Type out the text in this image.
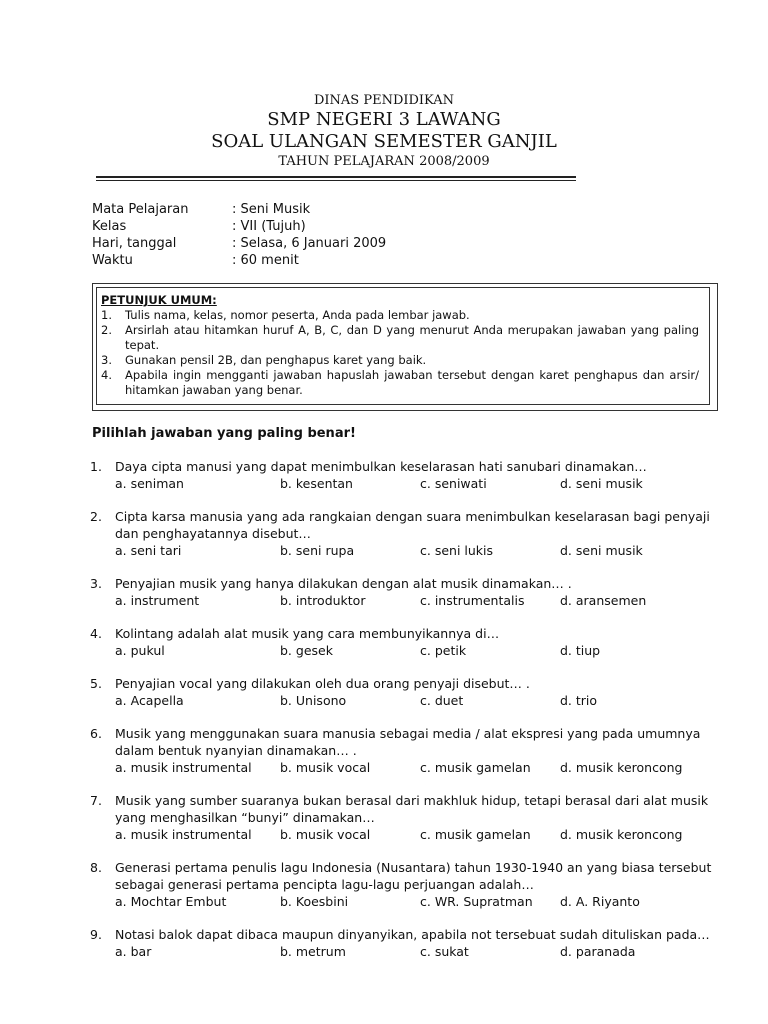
DINAS PENDIDIKAN
SMP NEGERI 3 LAWANG
SOAL ULANGAN SEMESTER GANJIL
TAHUN PELAJARAN 2008/2009
Mata Pelajaran	: Seni Musik
Kelas	: VII (Tujuh)
Hari, tanggal	: Selasa, 6 Januari 2009
Waktu	: 60 menit
PETUNJUK UMUM:
1.	Tulis nama, kelas, nomor peserta, Anda pada lembar jawab.
2.	Arsirlah atau hitamkan huruf A, B, C, dan D yang menurut Anda merupakan jawaban yang paling tepat.
3.	Gunakan pensil 2B, dan penghapus karet yang baik.
4.	Apabila ingin mengganti jawaban hapuslah jawaban tersebut dengan karet penghapus dan arsir/ hitamkan jawaban yang benar.
Pilihlah jawaban yang paling benar!
1.	Daya cipta manusi yang dapat menimbulkan keselarasan hati sanubari dinamakan…
a. seniman	b. kesentan	c. seniwati	d. seni musik
2.	Cipta karsa manusia yang ada rangkaian dengan suara menimbulkan keselarasan bagi penyaji dan penghayatannya disebut…
a. seni tari	b. seni rupa	c. seni lukis	d. seni musik
3.	Penyajian musik yang hanya dilakukan dengan alat musik dinamakan… .
a. instrument	b. introduktor	c. instrumentalis	d. aransemen
4.	Kolintang adalah alat musik yang cara membunyikannya di…
a. pukul	b. gesek	c. petik	d. tiup
5.	Penyajian vocal yang dilakukan oleh dua orang penyaji disebut… .
a. Acapella	b. Unisono	c. duet	d. trio
6.	Musik yang menggunakan suara manusia sebagai media / alat ekspresi yang pada umumnya dalam bentuk nyanyian dinamakan… .
a. musik instrumental	b. musik vocal	c. musik gamelan	d. musik keroncong
7.	Musik yang sumber suaranya bukan berasal dari makhluk hidup, tetapi berasal dari alat musik yang menghasilkan “bunyi” dinamakan…
a. musik instrumental	b. musik vocal	c. musik gamelan	d. musik keroncong
8.	Generasi pertama penulis lagu Indonesia (Nusantara) tahun 1930-1940 an yang biasa tersebut sebagai generasi pertama pencipta lagu-lagu perjuangan adalah…
a. Mochtar Embut	b. Koesbini	c. WR. Supratman	d. A. Riyanto
9.	Notasi balok dapat dibaca maupun dinyanyikan, apabila not tersebuat sudah dituliskan pada…
a. bar	b. metrum	c. sukat	d. paranada
